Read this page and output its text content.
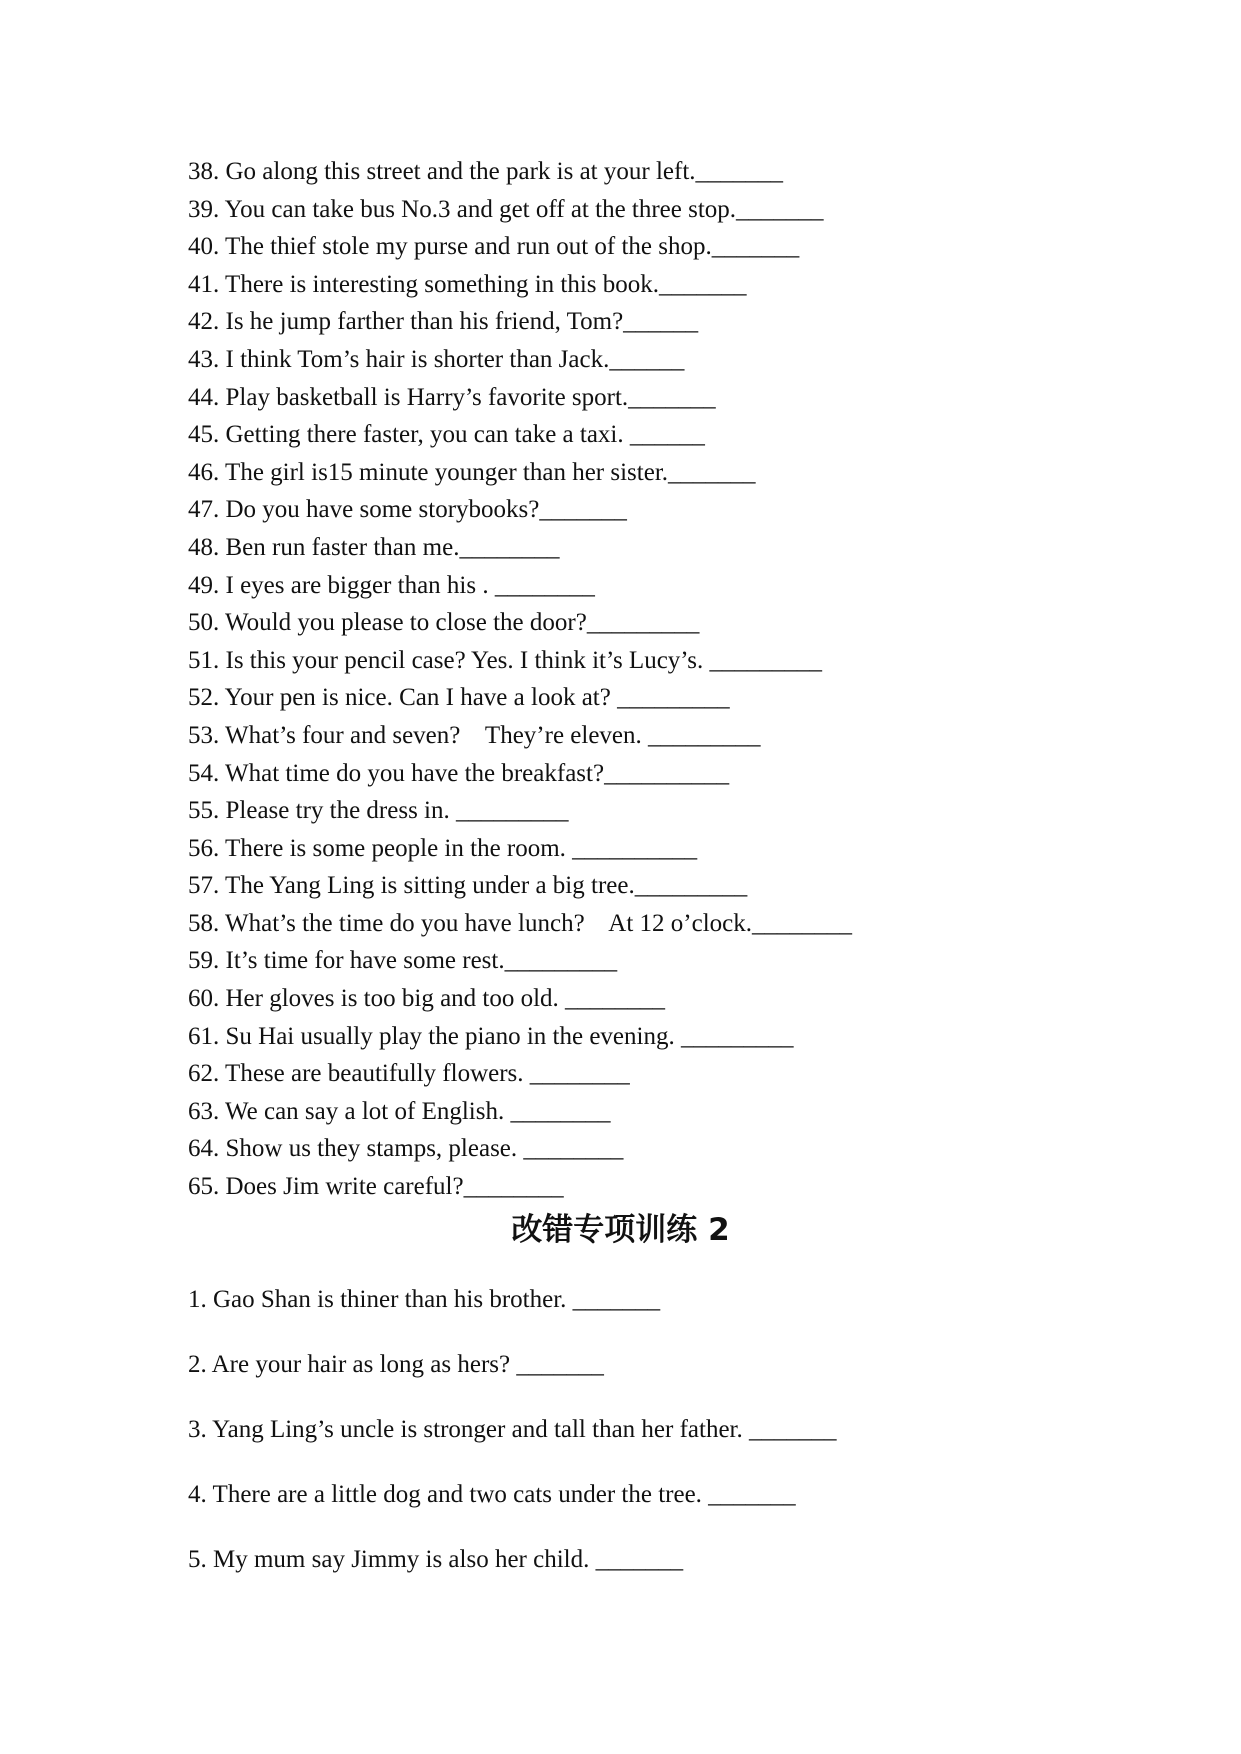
38. Go along this street and the park is at your left._______
39. You can take bus No.3 and get off at the three stop._______
40. The thief stole my purse and run out of the shop._______
41. There is interesting something in this book._______
42. Is he jump farther than his friend, Tom?______
43. I think Tom’s hair is shorter than Jack.______
44. Play basketball is Harry’s favorite sport._______
45. Getting there faster, you can take a taxi. ______
46. The girl is15 minute younger than her sister._______
47. Do you have some storybooks?_______
48. Ben run faster than me.________
49. I eyes are bigger than his . ________
50. Would you please to close the door?_________
51. Is this your pencil case? Yes. I think it’s Lucy’s. _________
52. Your pen is nice. Can I have a look at? _________
53. What’s four and seven?    They’re eleven. _________
54. What time do you have the breakfast?__________
55. Please try the dress in. _________
56. There is some people in the room. __________
57. The Yang Ling is sitting under a big tree._________
58. What’s the time do you have lunch?    At 12 o’clock.________
59. It’s time for have some rest._________
60. Her gloves is too big and too old. ________
61. Su Hai usually play the piano in the evening. _________
62. These are beautifully flowers. ________
63. We can say a lot of English. ________
64. Show us they stamps, please. ________
65. Does Jim write careful?________
改错专项训练 2
1. Gao Shan is thiner than his brother. _______
2. Are your hair as long as hers? _______
3. Yang Ling’s uncle is stronger and tall than her father. _______
4. There are a little dog and two cats under the tree. _______
5. My mum say Jimmy is also her child. _______
